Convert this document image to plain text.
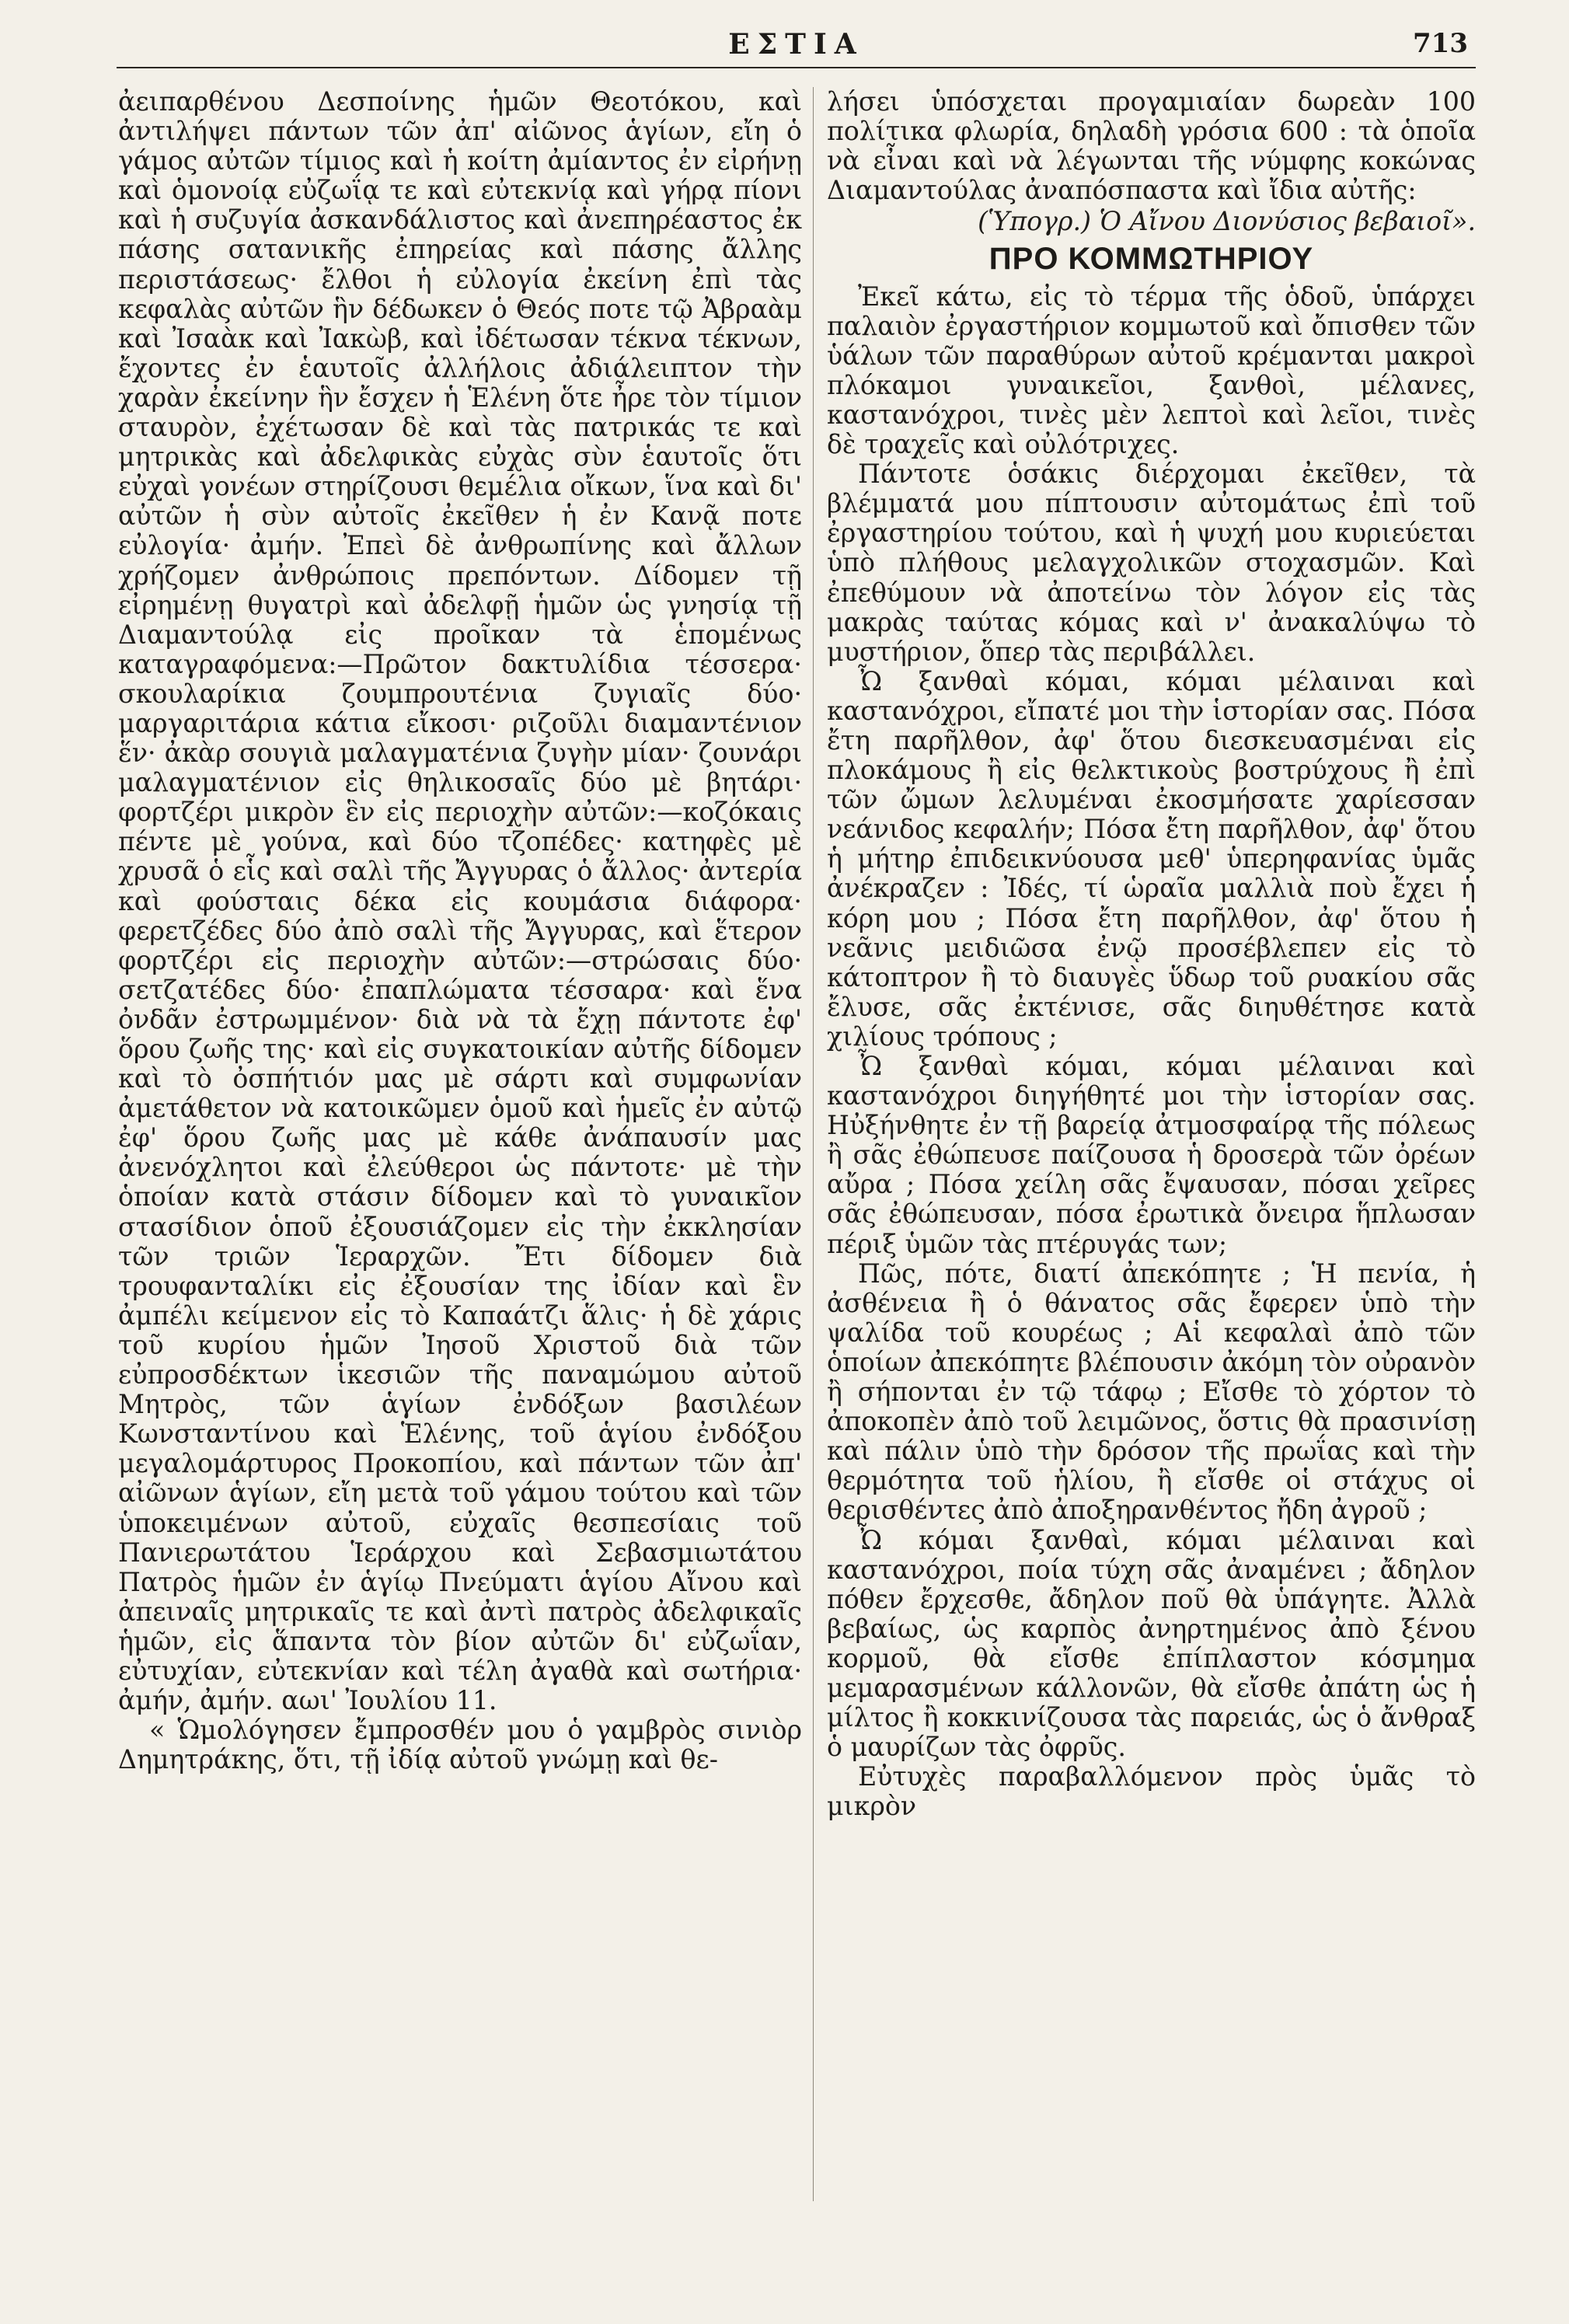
ΕΣΤΙΑ	713

ἀειπαρθένου Δεσποίνης ἡμῶν Θεοτόκου, καὶ ἀντιλήψει πάντων τῶν ἀπ' αἰῶνος ἁγίων, εἴη ὁ γάμος αὐτῶν τίμιος καὶ ἡ κοίτη ἀμίαντος ἐν εἰρήνῃ καὶ ὁμονοίᾳ εὐζωΐᾳ τε καὶ εὐτεκνίᾳ καὶ γήρᾳ πίονι καὶ ἡ συζυγία ἀσκανδάλιστος καὶ ἀνεπηρέαστος ἐκ πάσης σατανικῆς ἐπηρείας καὶ πάσης ἄλλης περιστάσεως· ἔλθοι ἡ εὐλογία ἐκείνη ἐπὶ τὰς κεφαλὰς αὐτῶν ἣν δέδωκεν ὁ Θεός ποτε τῷ Ἀβραὰμ καὶ Ἰσαὰκ καὶ Ἰακὼβ, καὶ ἰδέτωσαν τέκνα τέκνων, ἔχοντες ἐν ἑαυτοῖς ἀλλήλοις ἀδιάλειπτον τὴν χαρὰν ἐκείνην ἣν ἔσχεν ἡ Ἑλένη ὅτε ἦρε τὸν τίμιον σταυρὸν, ἐχέτωσαν δὲ καὶ τὰς πατρικάς τε καὶ μητρικὰς καὶ ἀδελφικὰς εὐχὰς σὺν ἑαυτοῖς ὅτι εὐχαὶ γονέων στηρίζουσι θεμέλια οἴκων, ἵνα καὶ δι' αὐτῶν ἡ σὺν αὐτοῖς ἐκεῖθεν ἡ ἐν Κανᾷ ποτε εὐλογία· ἀμήν. Ἐπεὶ δὲ ἀνθρωπίνης καὶ ἄλλων χρήζομεν ἀνθρώποις πρεπόντων. Δίδομεν τῇ εἰρημένῃ θυγατρὶ καὶ ἀδελφῇ ἡμῶν ὡς γνησίᾳ τῇ Διαμαντούλᾳ εἰς προῖκαν τὰ ἑπομένως καταγραφόμενα:—Πρῶτον δακτυλίδια τέσσερα· σκουλαρίκια ζουμπρουτένια ζυγιαῖς δύο· μαργαριτάρια κάτια εἴκοσι· ριζοῦλι διαμαντένιον ἕν· ἀκὰρ σουγιὰ μαλαγματένια ζυγὴν μίαν· ζουνάρι μαλαγματένιον εἰς θηλικοσαῖς δύο μὲ βητάρι· φορτζέρι μικρὸν ἓν εἰς περιοχὴν αὐτῶν:—κοζόκαις πέντε μὲ γούνα, καὶ δύο τζοπέδες· κατηφὲς μὲ χρυσᾶ ὁ εἷς καὶ σαλὶ τῆς Ἄγγυρας ὁ ἄλλος· ἀντερία καὶ φούσταις δέκα εἰς κουμάσια διάφορα· φερετζέδες δύο ἀπὸ σαλὶ τῆς Ἄγγυρας, καὶ ἕτερον φορτζέρι εἰς περιοχὴν αὐτῶν:—στρώσαις δύο· σετζατέδες δύο· ἐπαπλώματα τέσσαρα· καὶ ἕνα ὀνδᾶν ἐστρωμμένον· διὰ νὰ τὰ ἔχῃ πάντοτε ἐφ' ὅρου ζωῆς της· καὶ εἰς συγκατοικίαν αὐτῆς δίδομεν καὶ τὸ ὀσπήτιόν μας μὲ σάρτι καὶ συμφωνίαν ἀμετάθετον νὰ κατοικῶμεν ὁμοῦ καὶ ἡμεῖς ἐν αὐτῷ ἐφ' ὅρου ζωῆς μας μὲ κάθε ἀνάπαυσίν μας ἀνενόχλητοι καὶ ἐλεύθεροι ὡς πάντοτε· μὲ τὴν ὁποίαν κατὰ στάσιν δίδομεν καὶ τὸ γυναικῖον στασίδιον ὁποῦ ἐξουσιάζομεν εἰς τὴν ἐκκλησίαν τῶν τριῶν Ἱεραρχῶν. Ἔτι δίδομεν διὰ τρουφανταλίκι εἰς ἐξουσίαν της ἰδίαν καὶ ἓν ἀμπέλι κείμενον εἰς τὸ Καπαάτζι ἅλις· ἡ δὲ χάρις τοῦ κυρίου ἡμῶν Ἰησοῦ Χριστοῦ διὰ τῶν εὐπροσδέκτων ἱκεσιῶν τῆς παναμώμου αὐτοῦ Μητρὸς, τῶν ἁγίων ἐνδόξων βασιλέων Κωνσταντίνου καὶ Ἑλένης, τοῦ ἁγίου ἐνδόξου μεγαλομάρτυρος Προκοπίου, καὶ πάντων τῶν ἀπ' αἰῶνων ἁγίων, εἴη μετὰ τοῦ γάμου τούτου καὶ τῶν ὑποκειμένων αὐτοῦ, εὐχαῖς θεσπεσίαις τοῦ Πανιερωτάτου Ἱεράρχου καὶ Σεβασμιωτάτου Πατρὸς ἡμῶν ἐν ἁγίῳ Πνεύματι ἁγίου Αἴνου καὶ ἀπειναῖς μητρικαῖς τε καὶ ἀντὶ πατρὸς ἀδελφικαῖς ἡμῶν, εἰς ἅπαντα τὸν βίον αὐτῶν δι' εὐζωΐαν, εὐτυχίαν, εὐτεκνίαν καὶ τέλη ἀγαθὰ καὶ σωτήρια· ἀμήν, ἀμήν. αωι' Ἰουλίου 11.

« Ὡμολόγησεν ἔμπροσθέν μου ὁ γαμβρὸς σινιὸρ Δημητράκης, ὅτι, τῇ ἰδίᾳ αὐτοῦ γνώμῃ καὶ θε-

λήσει ὑπόσχεται προγαμιαίαν δωρεὰν 100 πολίτικα φλωρία, δηλαδὴ γρόσια 600 : τὰ ὁποῖα νὰ εἶναι καὶ νὰ λέγωνται τῆς νύμφης κοκώνας Διαμαντούλας ἀναπόσπαστα καὶ ἴδια αὐτῆς:

(Ὑπογρ.) Ὁ Αἴνου Διονύσιος βεβαιοῖ».

ΠΡΟ ΚΟΜΜΩΤΗΡΙΟΥ

Ἐκεῖ κάτω, εἰς τὸ τέρμα τῆς ὁδοῦ, ὑπάρχει παλαιὸν ἐργαστήριον κομμωτοῦ καὶ ὄπισθεν τῶν ὑάλων τῶν παραθύρων αὐτοῦ κρέμανται μακροὶ πλόκαμοι γυναικεῖοι, ξανθοὶ, μέλανες, καστανόχροι, τινὲς μὲν λεπτοὶ καὶ λεῖοι, τινὲς δὲ τραχεῖς καὶ οὐλότριχες.

Πάντοτε ὁσάκις διέρχομαι ἐκεῖθεν, τὰ βλέμματά μου πίπτουσιν αὐτομάτως ἐπὶ τοῦ ἐργαστηρίου τούτου, καὶ ἡ ψυχή μου κυριεύεται ὑπὸ πλήθους μελαγχολικῶν στοχασμῶν. Καὶ ἐπεθύμουν νὰ ἀποτείνω τὸν λόγον εἰς τὰς μακρὰς ταύτας κόμας καὶ ν' ἀνακαλύψω τὸ μυστήριον, ὅπερ τὰς περιβάλλει.

Ὦ ξανθαὶ κόμαι, κόμαι μέλαιναι καὶ καστανόχροι, εἴπατέ μοι τὴν ἱστορίαν σας. Πόσα ἔτη παρῆλθον, ἀφ' ὅτου διεσκευασμέναι εἰς πλοκάμους ἢ εἰς θελκτικοὺς βοστρύχους ἢ ἐπὶ τῶν ὤμων λελυμέναι ἐκοσμήσατε χαρίεσσαν νεάνιδος κεφαλήν; Πόσα ἔτη παρῆλθον, ἀφ' ὅτου ἡ μήτηρ ἐπιδεικνύουσα μεθ' ὑπερηφανίας ὑμᾶς ἀνέκραζεν : Ἰδές, τί ὡραῖα μαλλιὰ ποὺ ἔχει ἡ κόρη μου ; Πόσα ἔτη παρῆλθον, ἀφ' ὅτου ἡ νεᾶνις μειδιῶσα ἐνῷ προσέβλεπεν εἰς τὸ κάτοπτρον ἢ τὸ διαυγὲς ὕδωρ τοῦ ρυακίου σᾶς ἔλυσε, σᾶς ἐκτένισε, σᾶς διηυθέτησε κατὰ χιλίους τρόπους ;

Ὦ ξανθαὶ κόμαι, κόμαι μέλαιναι καὶ καστανόχροι διηγήθητέ μοι τὴν ἱστορίαν σας. Ηὐξήνθητε ἐν τῇ βαρείᾳ ἀτμοσφαίρᾳ τῆς πόλεως ἢ σᾶς ἐθώπευσε παίζουσα ἡ δροσερὰ τῶν ὀρέων αὔρα ; Πόσα χείλη σᾶς ἔψαυσαν, πόσαι χεῖρες σᾶς ἐθώπευσαν, πόσα ἐρωτικὰ ὄνειρα ἥπλωσαν πέριξ ὑμῶν τὰς πτέρυγάς των;

Πῶς, πότε, διατί ἀπεκόπητε ; Ἡ πενία, ἡ ἀσθένεια ἢ ὁ θάνατος σᾶς ἔφερεν ὑπὸ τὴν ψαλίδα τοῦ κουρέως ; Αἱ κεφαλαὶ ἀπὸ τῶν ὁποίων ἀπεκόπητε βλέπουσιν ἀκόμη τὸν οὐρανὸν ἢ σήπονται ἐν τῷ τάφῳ ; Εἴσθε τὸ χόρτον τὸ ἀποκοπὲν ἀπὸ τοῦ λειμῶνος, ὅστις θὰ πρασινίσῃ καὶ πάλιν ὑπὸ τὴν δρόσον τῆς πρωΐας καὶ τὴν θερμότητα τοῦ ἡλίου, ἢ εἴσθε οἱ στάχυς οἱ θερισθέντες ἀπὸ ἀποξηρανθέντος ἤδη ἀγροῦ ;

Ὦ κόμαι ξανθαὶ, κόμαι μέλαιναι καὶ καστανόχροι, ποία τύχη σᾶς ἀναμένει ; ἄδηλον πόθεν ἔρχεσθε, ἄδηλον ποῦ θὰ ὑπάγητε. Ἀλλὰ βεβαίως, ὡς καρπὸς ἀνηρτημένος ἀπὸ ξένου κορμοῦ, θὰ εἴσθε ἐπίπλαστον κόσμημα μεμαρασμένων κάλλονῶν, θὰ εἴσθε ἀπάτη ὡς ἡ μίλτος ἢ κοκκινίζουσα τὰς παρειάς, ὡς ὁ ἄνθραξ ὁ μαυρίζων τὰς ὀφρῦς.

Εὐτυχὲς παραβαλλόμενον πρὸς ὑμᾶς τὸ μικρὸν
